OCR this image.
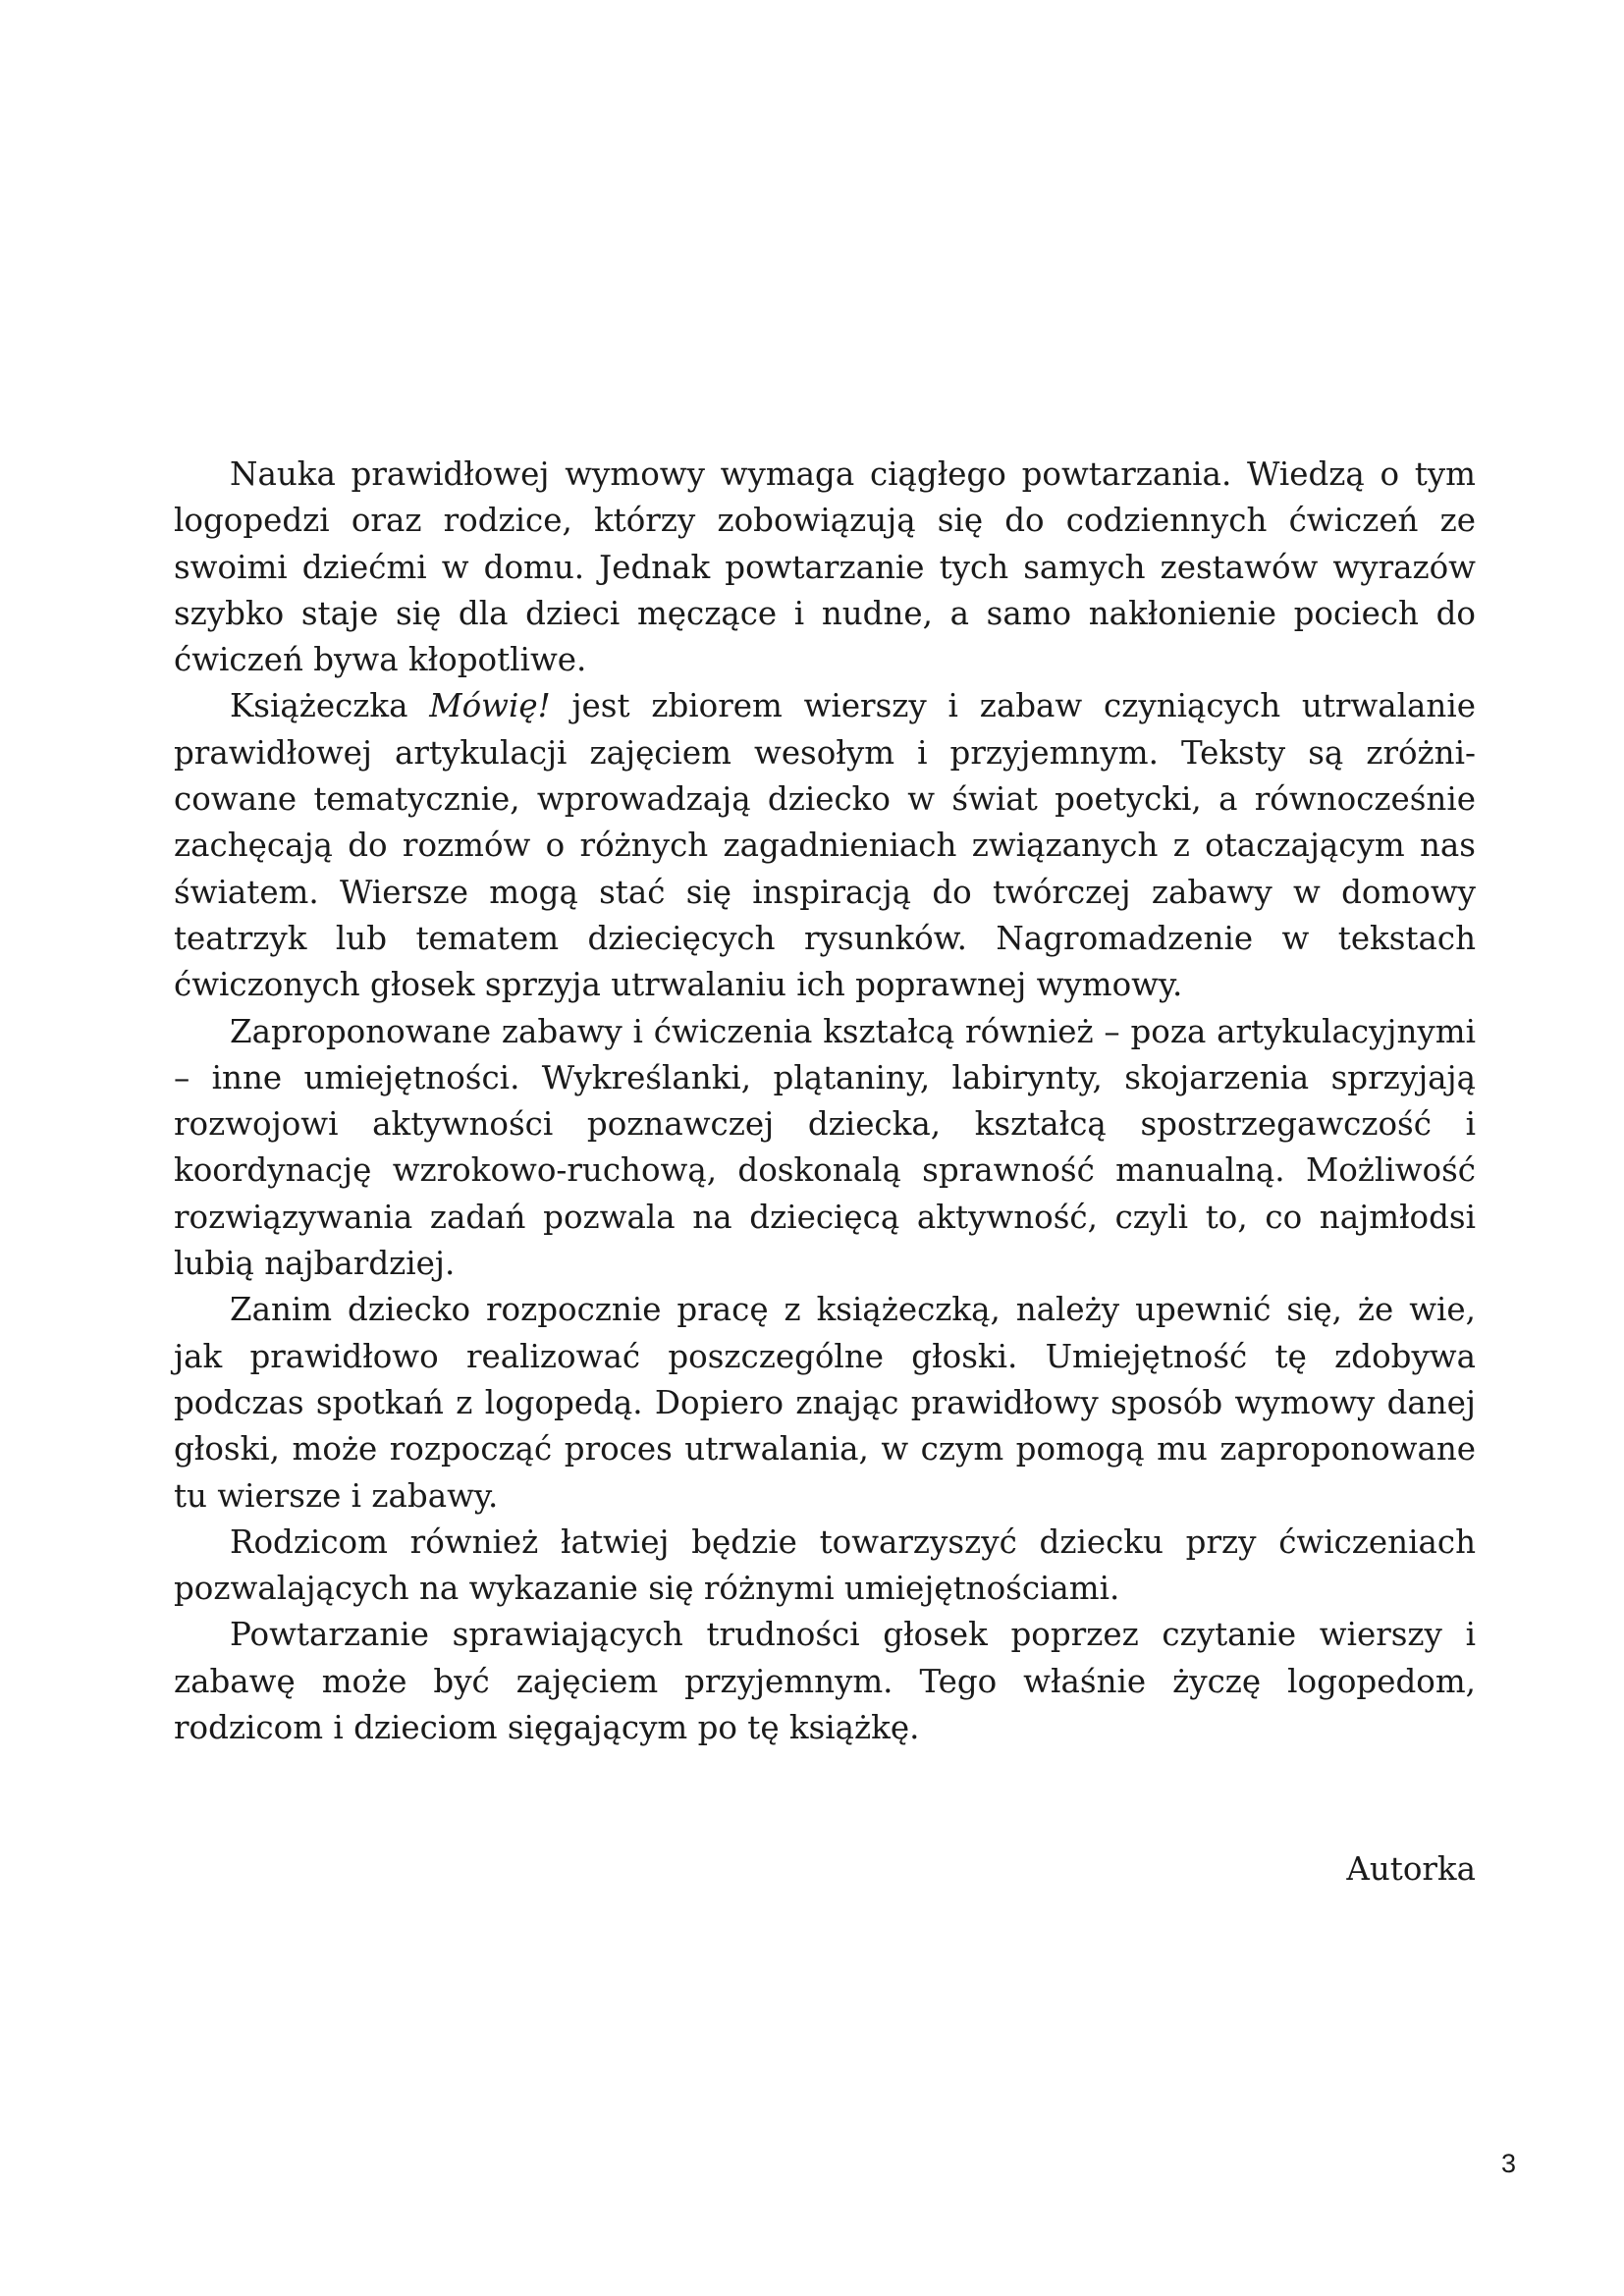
Nauka prawidłowej wymowy wymaga ciągłego powtarzania. Wiedzą o tym logopedzi oraz rodzice, którzy zobowiązują się do codziennych ćwiczeń ze swoimi dziećmi w domu. Jednak powtarzanie tych samych zestawów wyrazów szybko staje się dla dzieci męczące i nudne, a samo nakłonienie pociech do ćwiczeń bywa kłopotliwe.

Książeczka Mówię! jest zbiorem wierszy i zabaw czyniących utrwalanie prawidłowej artykulacji zajęciem wesołym i przyjemnym. Teksty są zróżnicowane tematycznie, wprowadzają dziecko w świat poetycki, a równocześnie zachęcają do rozmów o różnych zagadnieniach związanych z otaczającym nas światem. Wiersze mogą stać się inspiracją do twórczej zabawy w domowy teatrzyk lub tematem dziecięcych rysunków. Nagromadzenie w tekstach ćwiczonych głosek sprzyja utrwalaniu ich poprawnej wymowy.

Zaproponowane zabawy i ćwiczenia kształcą również – poza artykulacyjnymi – inne umiejętności. Wykreślanki, plątaniny, labirynty, skojarzenia sprzyjają rozwojowi aktywności poznawczej dziecka, kształcą spostrzegawczość i koordynację wzrokowo-ruchową, doskonalą sprawność manualną. Możliwość rozwiązywania zadań pozwala na dziecięcą aktywność, czyli to, co najmłodsi lubią najbardziej.

Zanim dziecko rozpocznie pracę z książeczką, należy upewnić się, że wie, jak prawidłowo realizować poszczególne głoski. Umiejętność tę zdobywa podczas spotkań z logopedą. Dopiero znając prawidłowy sposób wymowy danej głoski, może rozpocząć proces utrwalania, w czym pomogą mu zaproponowane tu wiersze i zabawy.

Rodzicom również łatwiej będzie towarzyszyć dziecku przy ćwiczeniach pozwalających na wykazanie się różnymi umiejętnościami.

Powtarzanie sprawiających trudności głosek poprzez czytanie wierszy i zabawę może być zajęciem przyjemnym. Tego właśnie życzę logopedom, rodzicom i dzieciom sięgającym po tę książkę.

Autorka
3
